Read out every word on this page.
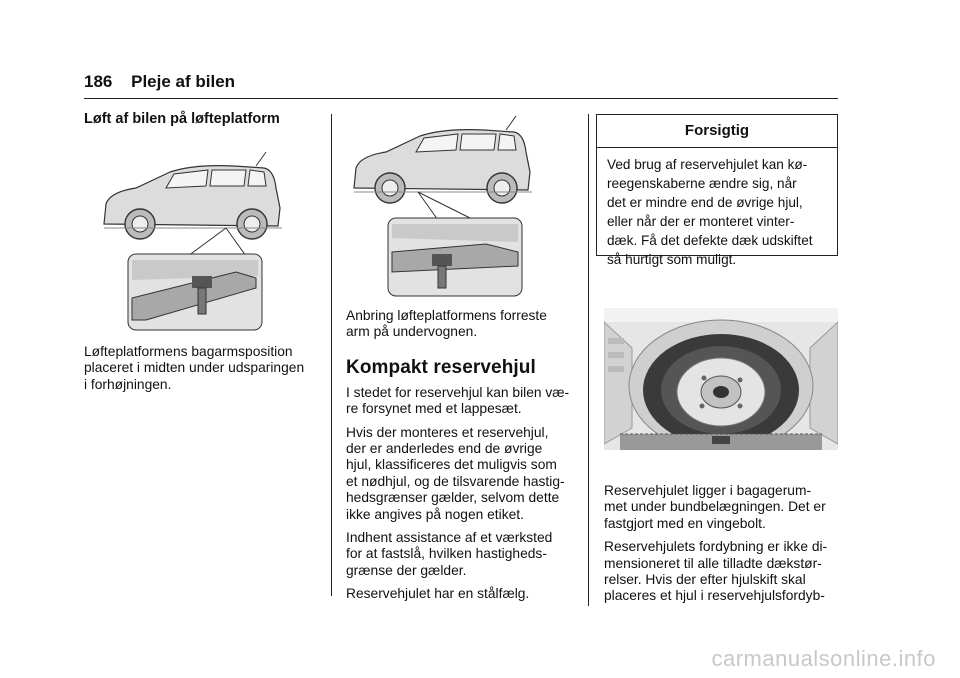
186 Pleje af bilen
Løft af bilen på løfteplatform

Løfteplatformens bagarmsposition

placeret i midten under udsparingen

i forhøjningen.

Anbring løfteplatformens forreste

arm på undervognen.

Kompakt reservehjul

I stedet for reservehjul kan bilen væ-

re forsynet med et lappesæt.

Hvis der monteres et reservehjul,

der er anderledes end de øvrige

hjul, klassificeres det muligvis som

et nødhjul, og de tilsvarende hastig-

hedsgrænser gælder, selvom dette

ikke angives på nogen etiket.

Indhent assistance af et værksted

for at fastslå, hvilken hastigheds-

grænse der gælder.

Reservehjulet har en stålfælg.

Forsigtig
Ved brug af reservehjulet kan kø-
reegenskaberne ændre sig, når
det er mindre end de øvrige hjul,
eller når der er monteret vinter-
dæk. Få det defekte dæk udskiftet
så hurtigt som muligt.

Reservehjulet ligger i bagagerum-

met under bundbelægningen. Det er

fastgjort med en vingebolt.

Reservehjulets fordybning er ikke di-

mensioneret til alle tilladte dækstør-

relser. Hvis der efter hjulskift skal

placeres et hjul i reservehjulsfordyb-

carmanualsonline.info
